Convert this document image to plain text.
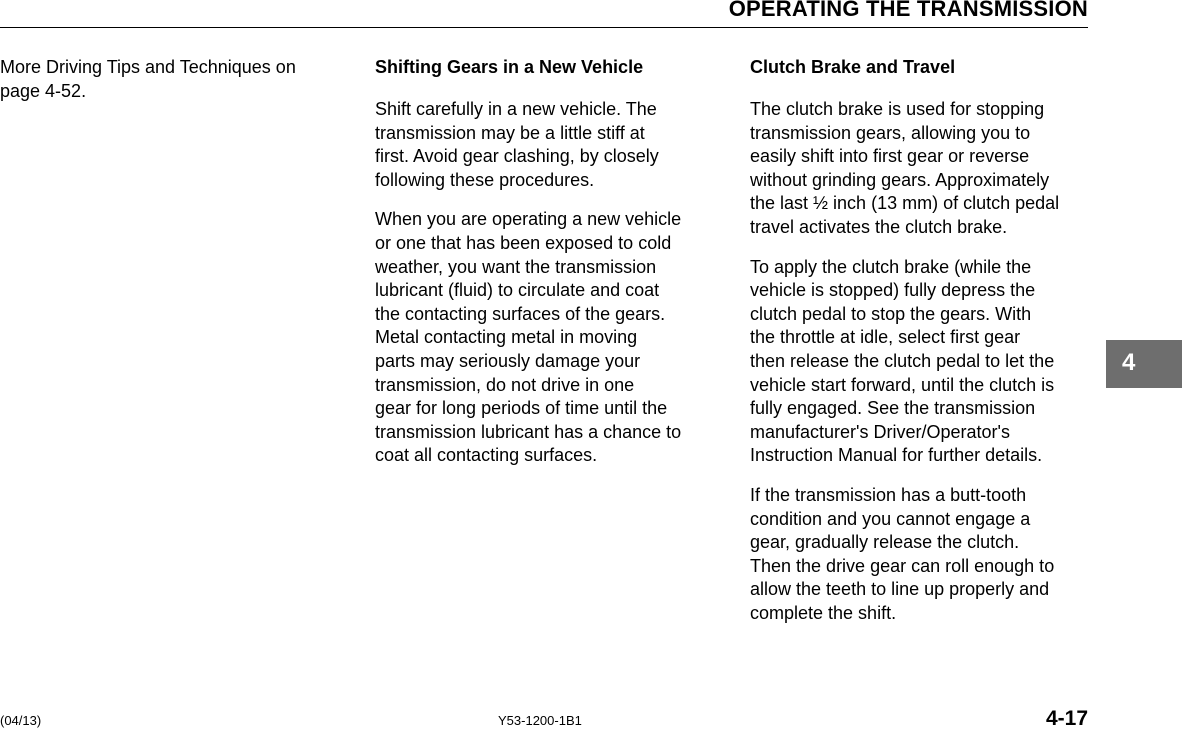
OPERATING THE TRANSMISSION

More Driving Tips and Techniques on
page 4-52.

Shifting Gears in a New Vehicle

Shift carefully in a new vehicle. The
transmission may be a little stiff at
first. Avoid gear clashing, by closely
following these procedures.

When you are operating a new vehicle
or one that has been exposed to cold
weather, you want the transmission
lubricant (fluid) to circulate and coat
the contacting surfaces of the gears.
Metal contacting metal in moving
parts may seriously damage your
transmission, do not drive in one
gear for long periods of time until the
transmission lubricant has a chance to
coat all contacting surfaces.

Clutch Brake and Travel

The clutch brake is used for stopping
transmission gears, allowing you to
easily shift into first gear or reverse
without grinding gears. Approximately
the last ½ inch (13 mm) of clutch pedal
travel activates the clutch brake.

To apply the clutch brake (while the
vehicle is stopped) fully depress the
clutch pedal to stop the gears. With
the throttle at idle, select first gear
then release the clutch pedal to let the
vehicle start forward, until the clutch is
fully engaged. See the transmission
manufacturer's Driver/Operator's
Instruction Manual for further details.

If the transmission has a butt-tooth
condition and you cannot engage a
gear, gradually release the clutch.
Then the drive gear can roll enough to
allow the teeth to line up properly and
complete the shift.

4
(04/13)	Y53-1200-1B1	4-17
